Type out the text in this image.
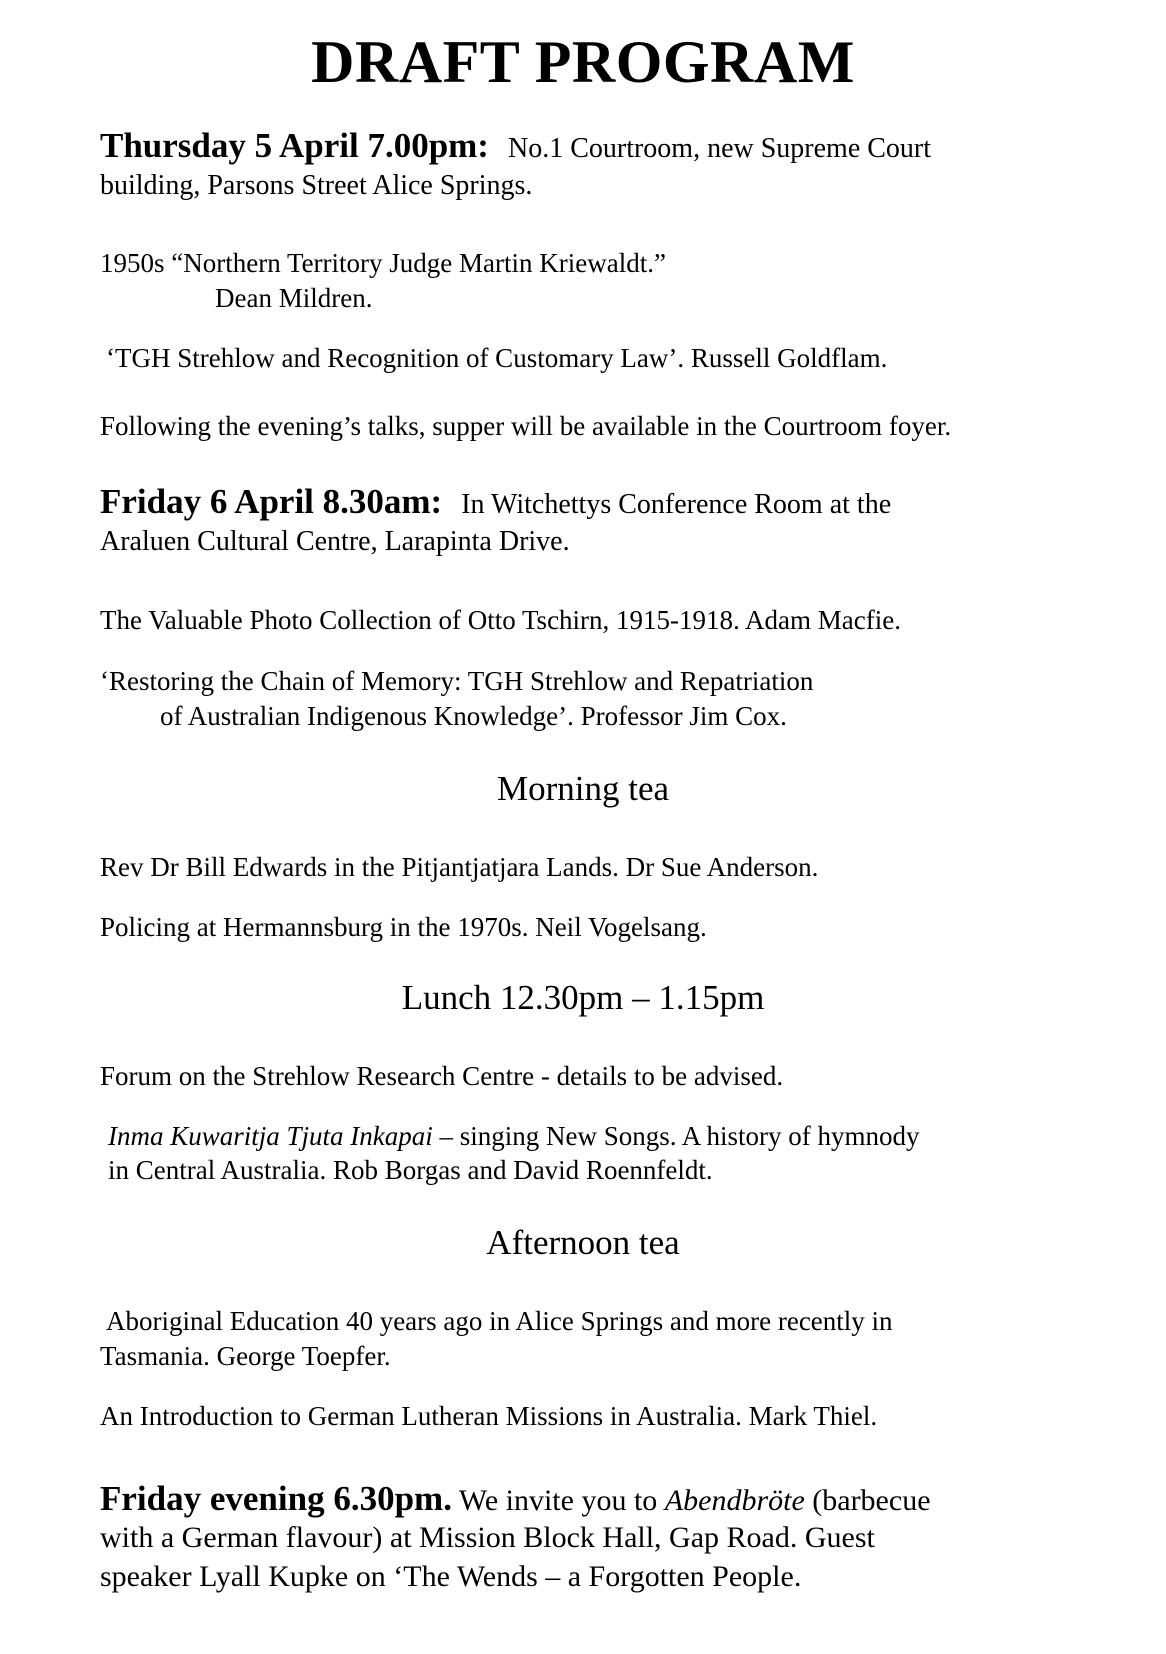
DRAFT PROGRAM
Thursday 5 April 7.00pm: No.1 Courtroom, new Supreme Court
building, Parsons Street Alice Springs.
1950s “Northern Territory Judge Martin Kriewaldt.”
Dean Mildren.
‘TGH Strehlow and Recognition of Customary Law’. Russell Goldflam.
Following the evening’s talks, supper will be available in the Courtroom foyer.
Friday 6 April 8.30am: In Witchettys Conference Room at the
Araluen Cultural Centre, Larapinta Drive.
The Valuable Photo Collection of Otto Tschirn, 1915-1918. Adam Macfie.
‘Restoring the Chain of Memory: TGH Strehlow and Repatriation
of Australian Indigenous Knowledge’. Professor Jim Cox.
Morning tea
Rev Dr Bill Edwards in the Pitjantjatjara Lands. Dr Sue Anderson.
Policing at Hermannsburg in the 1970s. Neil Vogelsang.
Lunch 12.30pm – 1.15pm
Forum on the Strehlow Research Centre - details to be advised.
Inma Kuwaritja Tjuta Inkapai – singing New Songs. A history of hymnody
in Central Australia. Rob Borgas and David Roennfeldt.
Afternoon tea
Aboriginal Education 40 years ago in Alice Springs and more recently in
Tasmania. George Toepfer.
An Introduction to German Lutheran Missions in Australia. Mark Thiel.
Friday evening 6.30pm. We invite you to Abendbröte (barbecue
with a German flavour) at Mission Block Hall, Gap Road. Guest
speaker Lyall Kupke on ‘The Wends – a Forgotten People.
